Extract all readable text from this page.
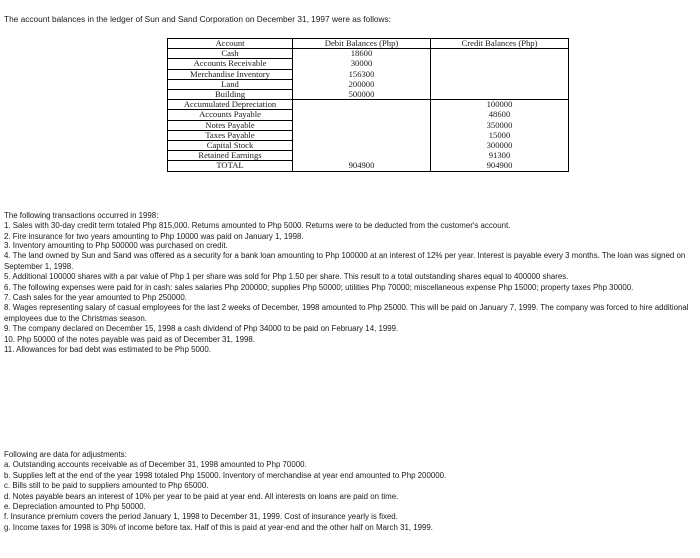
The account balances in the ledger of Sun and Sand Corporation on December 31, 1997 were as follows:
Account	Debit Balances (Php)	Credit Balances (Php)
Cash	18600	
Accounts Receivable	30000	
Merchandise Inventory	156300	
Land	200000	
Building	500000	
Accumulated Depreciation		100000
Accounts Payable		48600
Notes Payable		350000
Taxes Payable		15000
Capital Stock		300000
Retained Earnings		91300
TOTAL	904900	904900

The following transactions occurred in 1998:

1. Sales with 30-day credit term totaled Php 815,000. Returns amounted to Php 5000. Returns were to be deducted from the customer's account.

2. Fire insurance for two years amounting to Php 10000 was paid on January 1, 1998.

3. Inventory amounting to Php 500000 was purchased on credit.

4. The land owned by Sun and Sand was offered as a security for a bank loan amounting to Php 100000 at an interest of 12% per year. Interest is payable every 3 months. The loan was signed on September 1, 1998.

5. Additional 100000 shares with a par value of Php 1 per share was sold for Php 1.50 per share. This result to a total outstanding shares equal to 400000 shares.

6. The following expenses were paid for in cash: sales salaries Php 200000; supplies Php 50000; utilities Php 70000; miscellaneous expense Php 15000; property taxes Php 30000.

7. Cash sales for the year amounted to Php 250000.

8. Wages representing salary of casual employees for the last 2 weeks of December, 1998 amounted to Php 25000. This will be paid on January 7, 1999. The company was forced to hire additional employees due to the Christmas season.

9. The company declared on December 15, 1998 a cash dividend of Php 34000 to be paid on February 14, 1999.

10. Php 50000 of the notes payable was paid as of December 31, 1998.

11. Allowances for bad debt was estimated to be Php 5000.

Following are data for adjustments:

a. Outstanding accounts receivable as of December 31, 1998 amounted to Php 70000.

b. Supplies left at the end of the year 1998 totaled Php 15000. Inventory of merchandise at year end amounted to Php 200000.

c. Bills still to be paid to suppliers amounted to Php 65000.

d. Notes payable bears an interest of 10% per year to be paid at year end. All interests on loans are paid on time.

e. Depreciation amounted to Php 50000.

f. Insurance premium covers the period January 1, 1998 to December 31, 1999. Cost of insurance yearly is fixed.

g. Income taxes for 1998 is 30% of income before tax. Half of this is paid at year-end and the other half on March 31, 1999.
